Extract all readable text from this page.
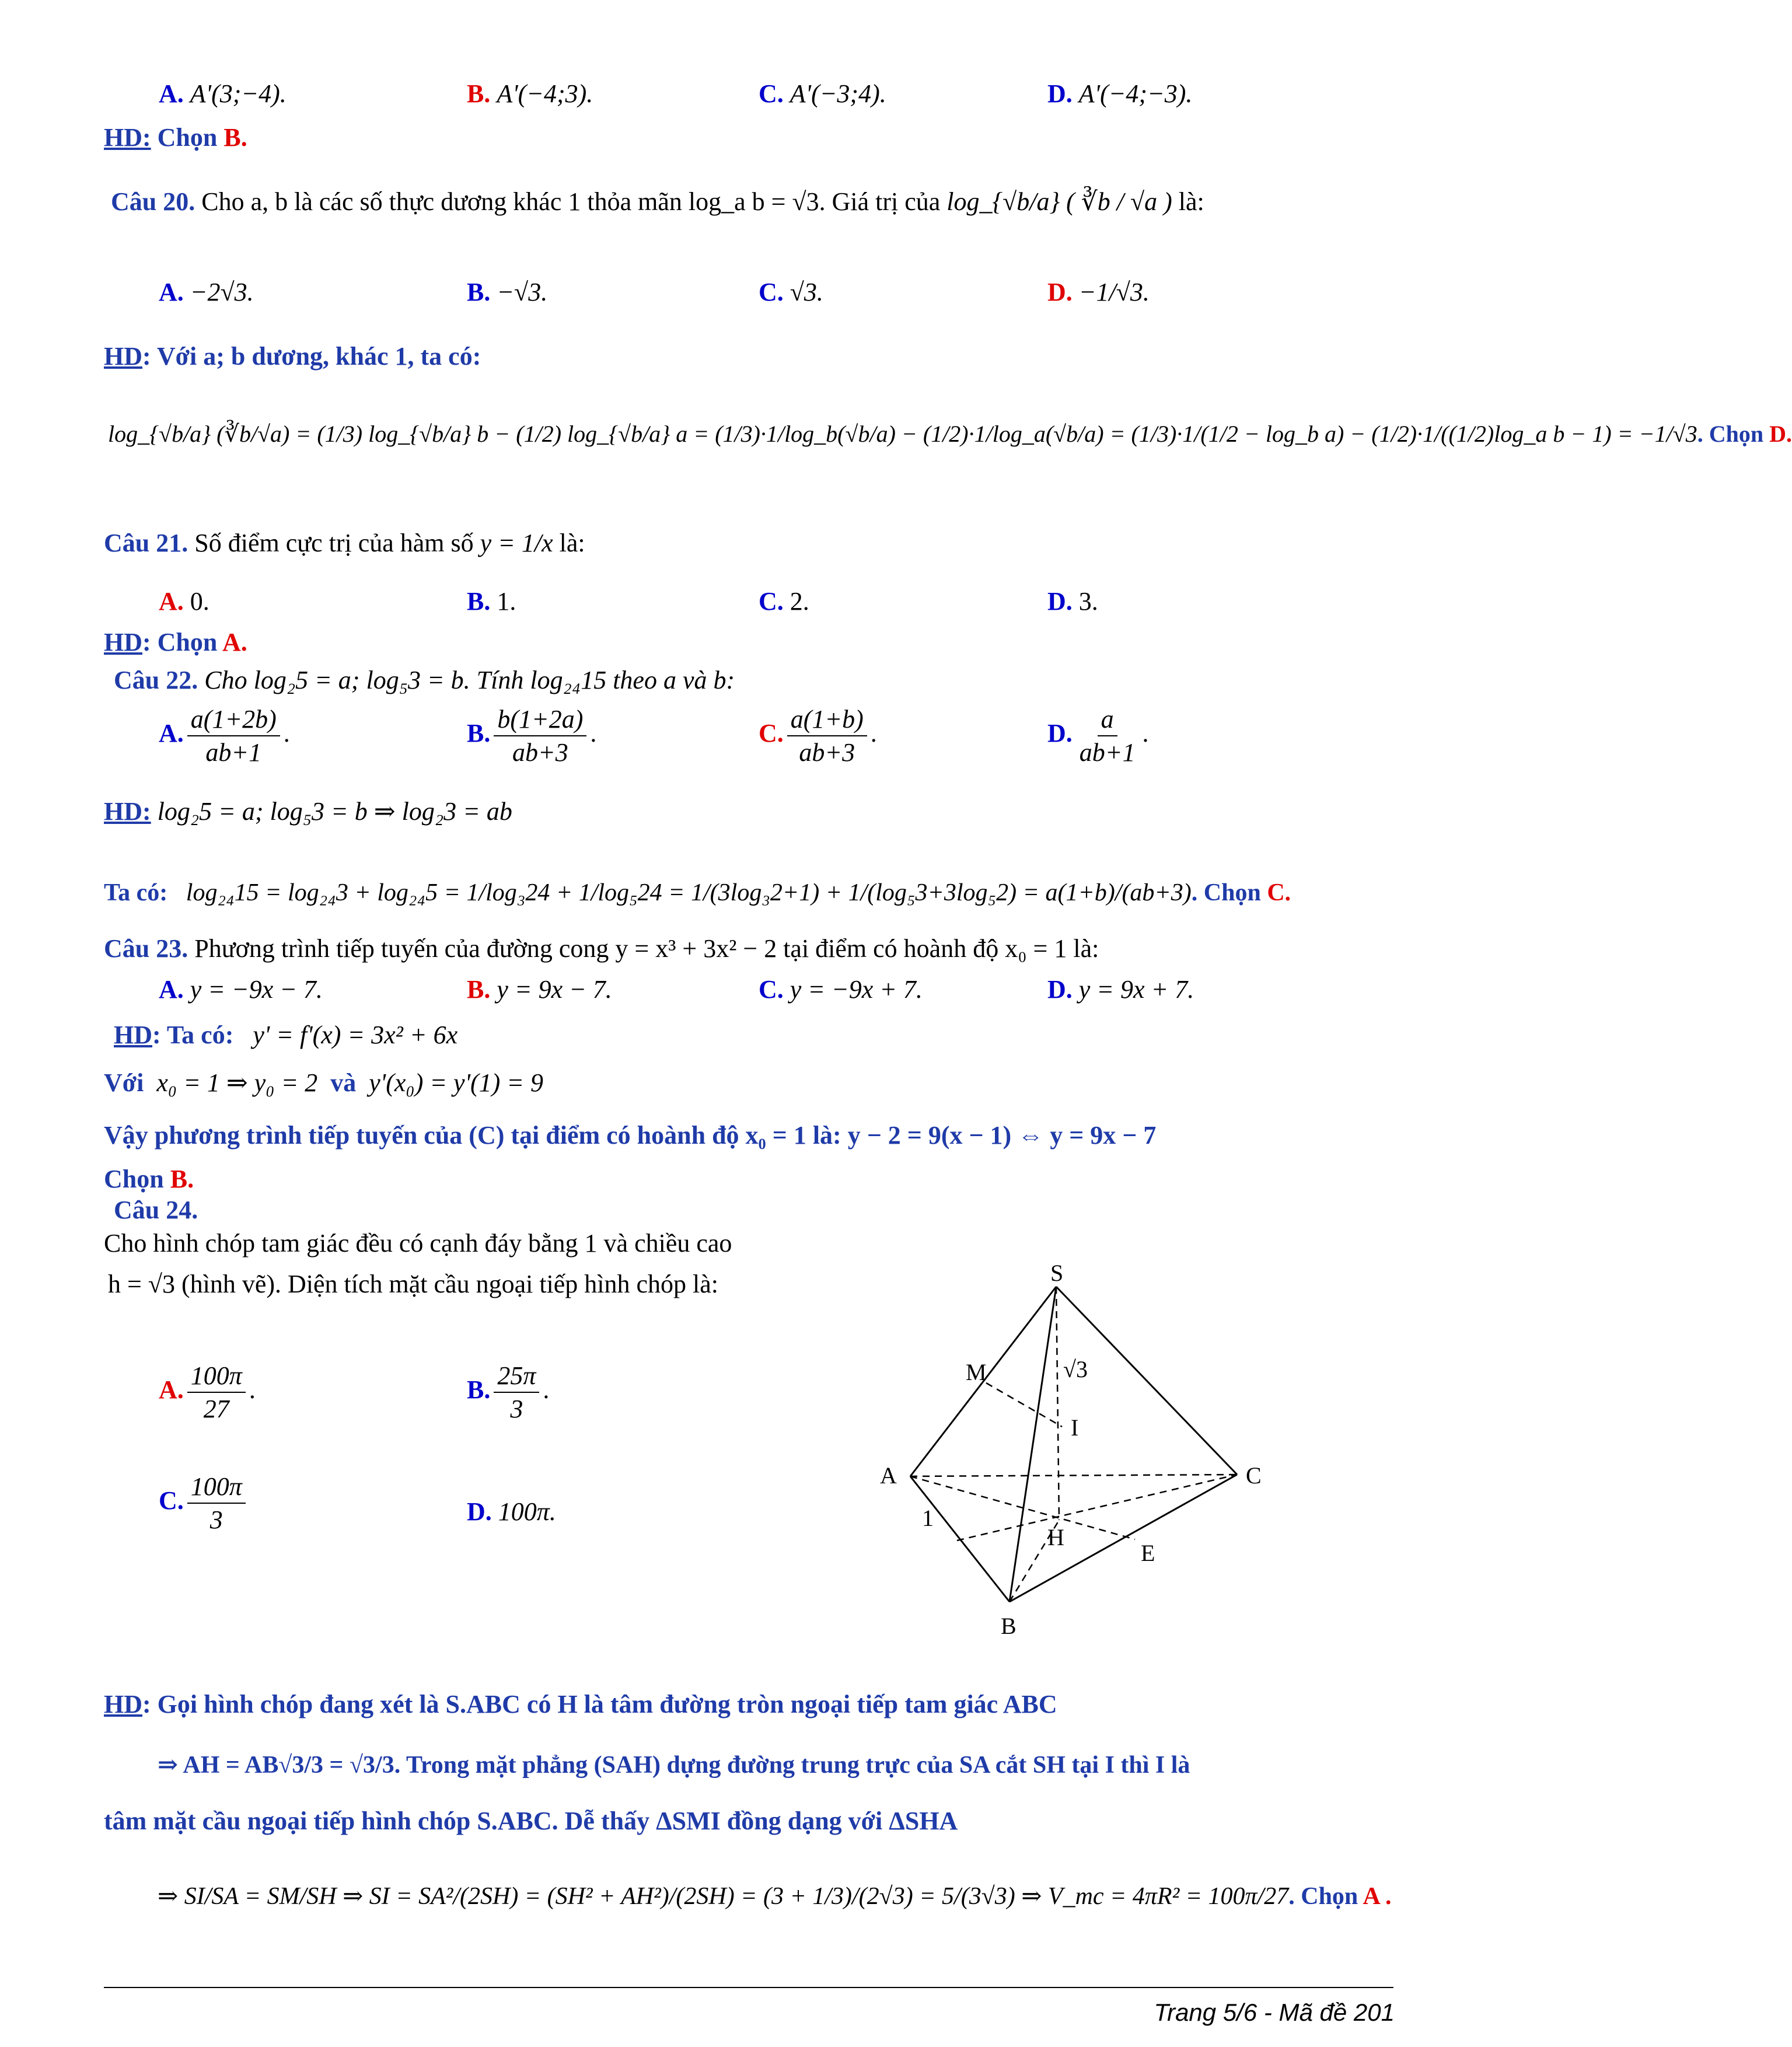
A. A'(3;−4).	B. A'(−4;3).	C. A'(−3;4).	D. A'(−4;−3).
HD: Chọn B.
Câu 20. Cho a, b là các số thực dương khác 1 thỏa mãn log_a b = √3. Giá trị của log_{√b/a} ( ∛b / √a ) là:
A. −2√3.	B. −√3.	C. √3.	D. −1/√3.
HD: Với a; b dương, khác 1, ta có:
log_{√b/a} (∛b/√a) = (1/3) log_{√b/a} b − (1/2) log_{√b/a} a = (1/3)·1/log_b(√b/a) − (1/2)·1/log_a(√b/a) = (1/3)·1/(1/2 − log_b a) − (1/2)·1/((1/2)log_a b − 1) = −1/√3. Chọn D.
Câu 21. Số điểm cực trị của hàm số y = 1/x là:
A. 0.	B. 1.	C. 2.	D. 3.
HD: Chọn A.
Câu 22. Cho log₂5 = a; log₅3 = b. Tính log₂₄15 theo a và b:
A. $\frac{a(1+2b)}{ab+1}$ .	B. $\frac{b(1+2a)}{ab+3}$ .	C. $\frac{a(1+b)}{ab+3}$ .	D. $\frac{a}{ab+1}$ .
HD: log₂5 = a; log₅3 = b ⇒ log₂3 = ab
Ta có: log₂₄15 = log₂₄3 + log₂₄5 = 1/log₃24 + 1/log₅24 = 1/(3log₃2+1) + 1/(log₅3+3log₅2) = a(1+b)/(ab+3). Chọn C.
Câu 23. Phương trình tiếp tuyến của đường cong y = x³ + 3x² − 2 tại điểm có hoành độ x₀ = 1 là:
A. y = −9x − 7.	B. y = 9x − 7.	C. y = −9x + 7.	D. y = 9x + 7.
HD: Ta có: y' = f'(x) = 3x² + 6x
Với x₀ = 1 ⇒ y₀ = 2 và y'(x₀) = y'(1) = 9
Vậy phương trình tiếp tuyến của (C) tại điểm có hoành độ x₀ = 1 là: y − 2 = 9(x − 1) ⇔ y = 9x − 7
Chọn B.
Câu 24.
Cho hình chóp tam giác đều có cạnh đáy bằng 1 và chiều cao
h = √3 (hình vẽ). Diện tích mặt cầu ngoại tiếp hình chóp là:
A. $\frac{100\pi}{27}$ .	B. $\frac{25\pi}{3}$ .
C. $\frac{100\pi}{3}$	D. 100π.
S
M
I
A	C
H
E
B
1
√3
HD: Gọi hình chóp đang xét là S.ABC có H là tâm đường tròn ngoại tiếp tam giác ABC
⇒ AH = AB√3/3 = √3/3. Trong mặt phẳng (SAH) dựng đường trung trực của SA cắt SH tại I thì I là
tâm mặt cầu ngoại tiếp hình chóp S.ABC. Dễ thấy ΔSMI đồng dạng với ΔSHA
⇒ SI/SA = SM/SH ⇒ SI = SA²/(2SH) = (SH² + AH²)/(2SH) = (3 + 1/3)/(2√3) = 5/(3√3) ⇒ V_mc = 4πR² = 100π/27. Chọn A .
Trang 5/6 - Mã đề 201
